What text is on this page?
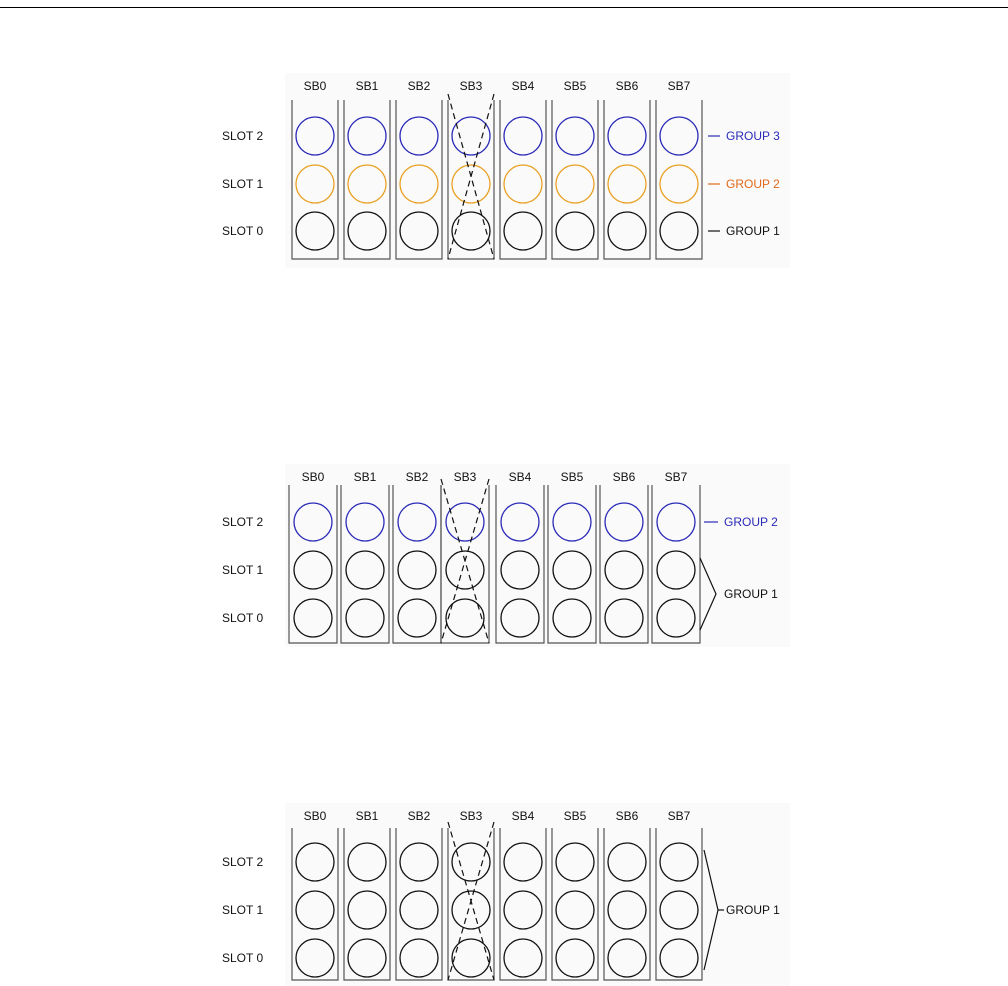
SLOT 2
SLOT 1
SLOT 0
SB0 SB1 SB2 SB3 SB4 SB5 SB6 SB7
GROUP 3
GROUP 2
GROUP 1
SLOT 2
SLOT 1
SLOT 0
SB0 SB1 SB2 SB3	SB4 SB5 SB6 SB7
GROUP 2
GROUP 1
SLOT 2
SLOT 1
SLOT 0
SB0 SB1 SB2 SB3 SB4 SB5 SB6 SB7
GROUP 1
